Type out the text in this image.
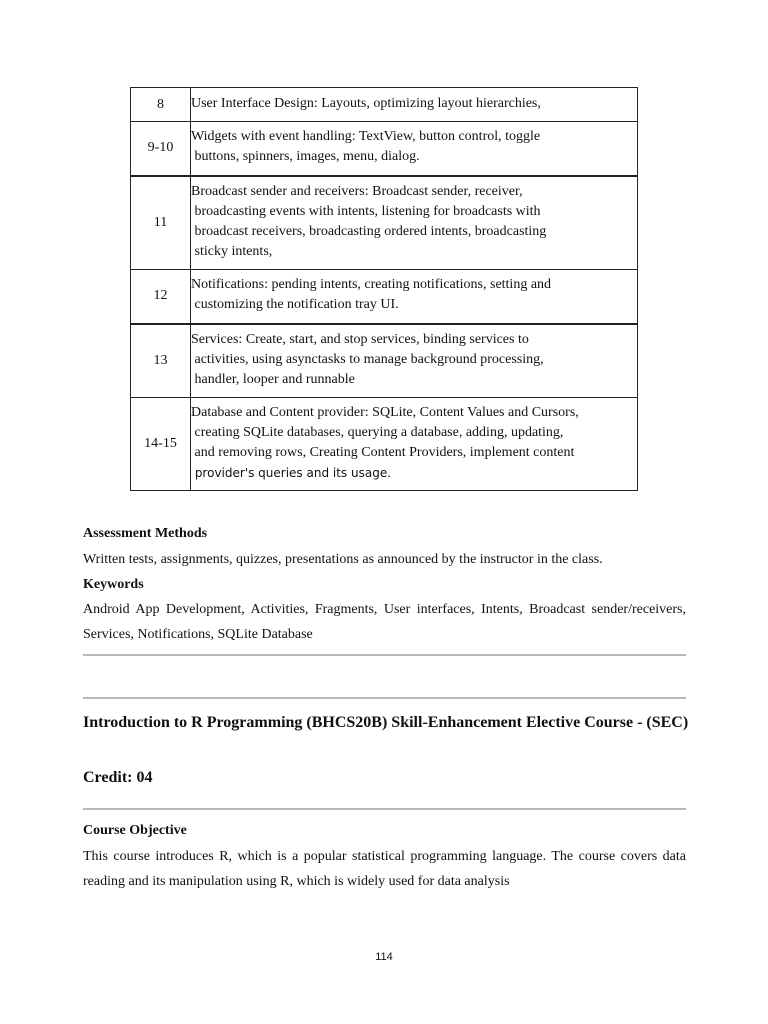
8	User Interface Design: Layouts, optimizing layout hierarchies,

9-10	Widgets with event handling: TextView, button control, toggle
buttons, spinners, images, menu, dialog.

11	Broadcast sender and receivers: Broadcast sender, receiver,
broadcasting events with intents, listening for broadcasts with
broadcast receivers, broadcasting ordered intents, broadcasting
sticky intents,

12	Notifications: pending intents, creating notifications, setting and
customizing the notification tray UI.

13	Services: Create, start, and stop services, binding services to
activities, using asynctasks to manage background processing,
handler, looper and runnable

14-15	Database and Content provider: SQLite, Content Values and Cursors,
creating SQLite databases, querying a database, adding, updating,
and removing rows, Creating Content Providers, implement content
provider's queries and its usage.
Assessment Methods
Written tests, assignments, quizzes, presentations as announced by the instructor in the class.
Keywords
Android App Development, Activities, Fragments, User interfaces, Intents, Broadcast sender/receivers, Services, Notifications, SQLite Database
Introduction to R Programming (BHCS20B) Skill-Enhancement Elective Course - (SEC)
Credit: 04
Course Objective
This course introduces R, which is a popular statistical programming language. The course covers data reading and its manipulation using R, which is widely used for data analysis
114
